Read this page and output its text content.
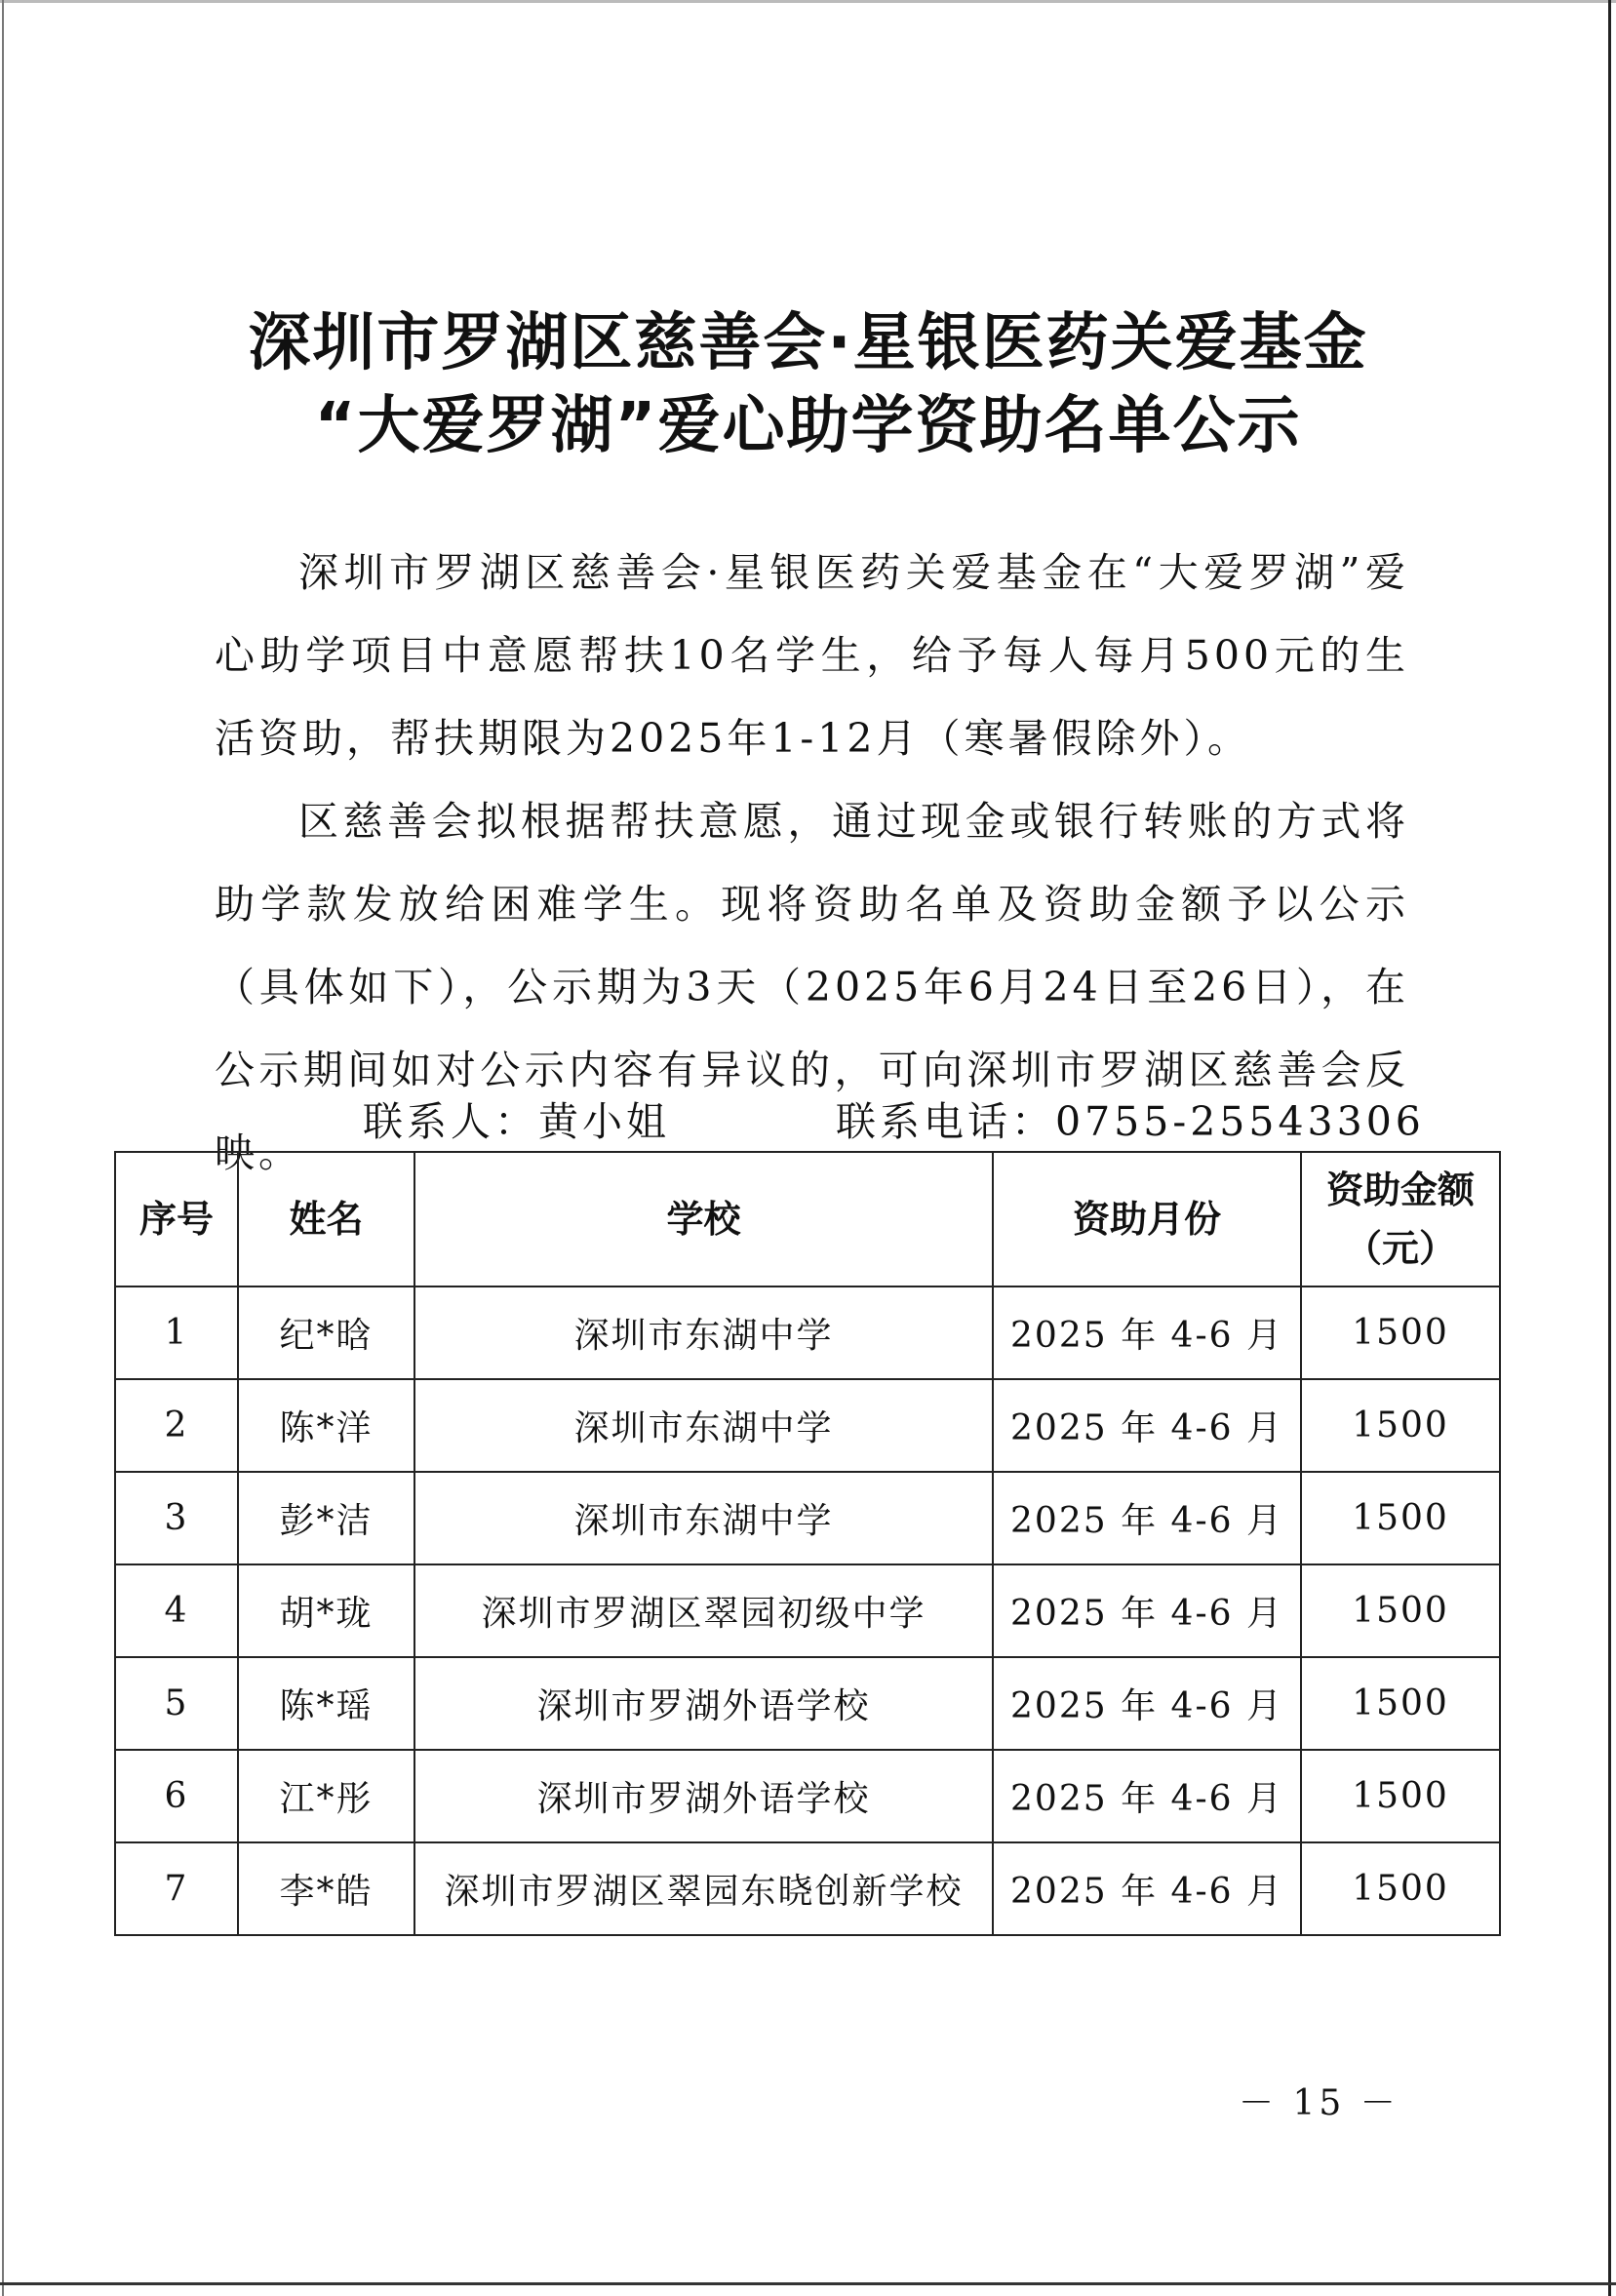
深圳市罗湖区慈善会·星银医药关爱基金
“大爱罗湖”爱心助学资助名单公示

深圳市罗湖区慈善会·星银医药关爱基金在“大爱罗湖”爱心助学项目中意愿帮扶10名学生，给予每人每月500元的生活资助，帮扶期限为2025年1-12月（寒暑假除外）。

区慈善会拟根据帮扶意愿，通过现金或银行转账的方式将助学款发放给困难学生。现将资助名单及资助金额予以公示（具体如下），公示期为3天（2025年6月24日至26日），在公示期间如对公示内容有异议的，可向深圳市罗湖区慈善会反映。

联系人：黄小姐	联系电话：0755-25543306
序号	姓名	学校	资助月份	资助金额
（元）

1	纪*晗	深圳市东湖中学	2025 年 4-6 月	1500
2	陈*洋	深圳市东湖中学	2025 年 4-6 月	1500
3	彭*洁	深圳市东湖中学	2025 年 4-6 月	1500
4	胡*珑	深圳市罗湖区翠园初级中学	2025 年 4-6 月	1500
5	陈*瑶	深圳市罗湖外语学校	2025 年 4-6 月	1500
6	江*彤	深圳市罗湖外语学校	2025 年 4-6 月	1500
7	李*皓	深圳市罗湖区翠园东晓创新学校	2025 年 4-6 月	1500
－ 15 －
